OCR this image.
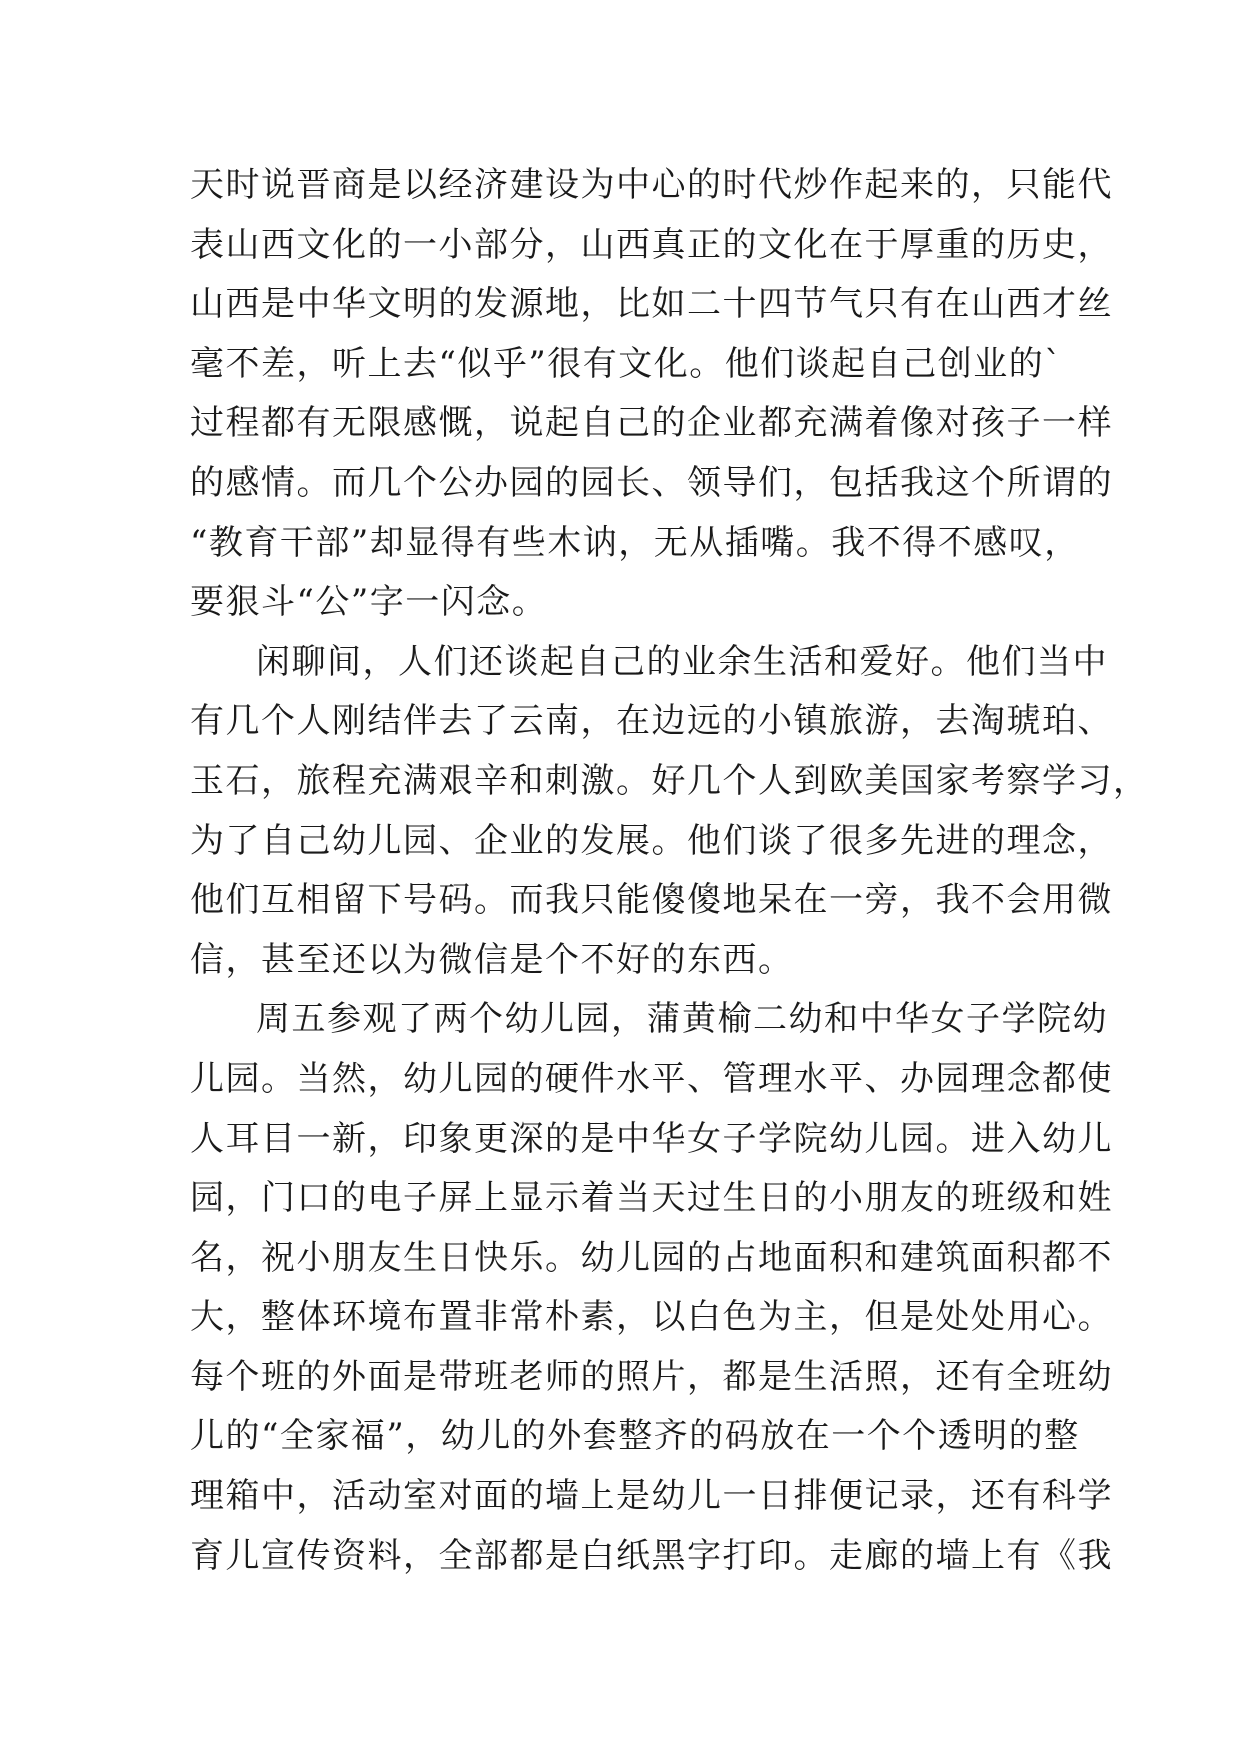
天时说晋商是以经济建设为中心的时代炒作起来的，只能代
表山西文化的一小部分，山西真正的文化在于厚重的历史，
山西是中华文明的发源地，比如二十四节气只有在山西才丝
毫不差，听上去“似乎”很有文化。他们谈起自己创业的`
过程都有无限感慨，说起自己的企业都充满着像对孩子一样
的感情。而几个公办园的园长、领导们，包括我这个所谓的
“教育干部”却显得有些木讷，无从插嘴。我不得不感叹，
要狠斗“公”字一闪念。
闲聊间，人们还谈起自己的业余生活和爱好。他们当中
有几个人刚结伴去了云南，在边远的小镇旅游，去淘琥珀、
玉石，旅程充满艰辛和刺激。好几个人到欧美国家考察学习，
为了自己幼儿园、企业的发展。他们谈了很多先进的理念，
他们互相留下号码。而我只能傻傻地呆在一旁，我不会用微
信，甚至还以为微信是个不好的东西。
周五参观了两个幼儿园，蒲黄榆二幼和中华女子学院幼
儿园。当然，幼儿园的硬件水平、管理水平、办园理念都使
人耳目一新，印象更深的是中华女子学院幼儿园。进入幼儿
园，门口的电子屏上显示着当天过生日的小朋友的班级和姓
名，祝小朋友生日快乐。幼儿园的占地面积和建筑面积都不
大，整体环境布置非常朴素，以白色为主，但是处处用心。
每个班的外面是带班老师的照片，都是生活照，还有全班幼
儿的“全家福”，幼儿的外套整齐的码放在一个个透明的整
理箱中，活动室对面的墙上是幼儿一日排便记录，还有科学
育儿宣传资料，全部都是白纸黑字打印。走廊的墙上有《我
